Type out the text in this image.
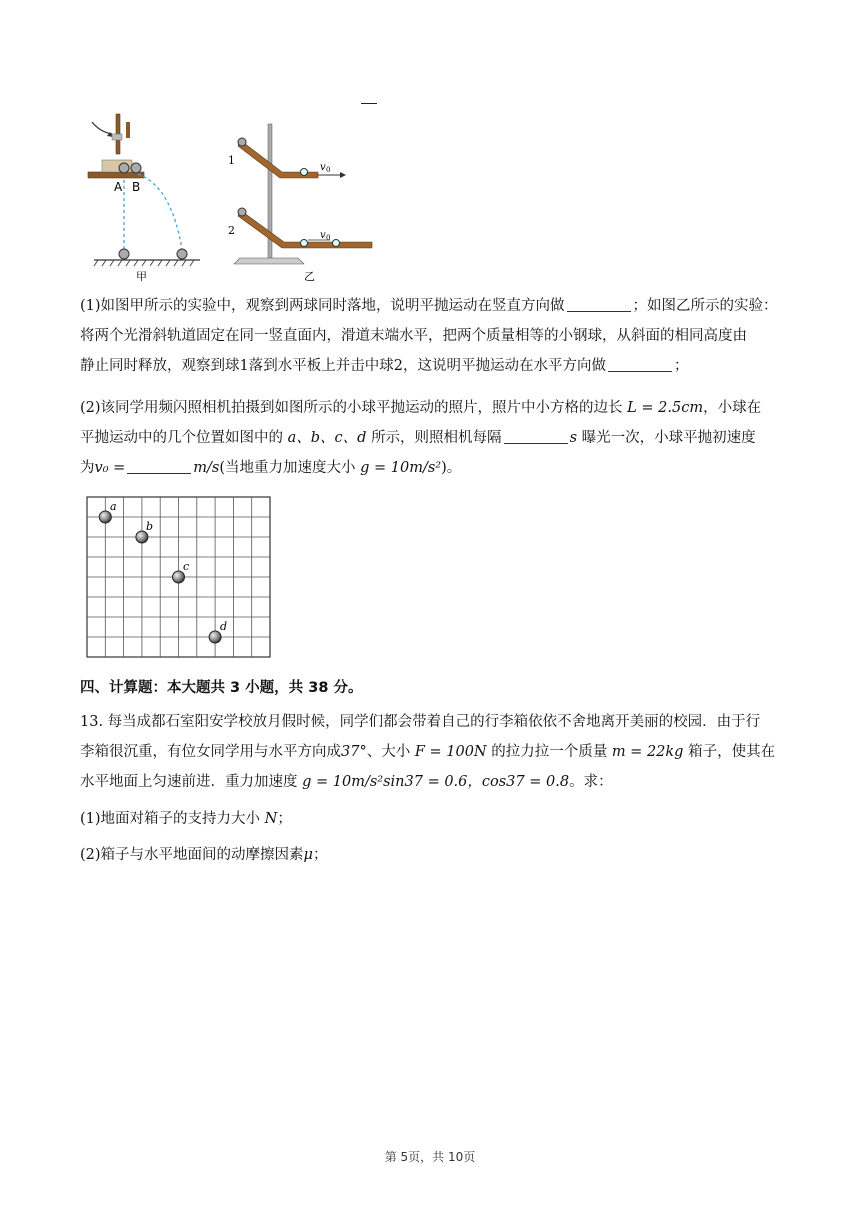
A B
甲
v 0
1
v 0
2
乙
(1)如图甲所示的实验中，观察到两球同时落地，说明平抛运动在竖直方向做	；如图乙所示的实验：
将两个光滑斜轨道固定在同一竖直面内，滑道末端水平，把两个质量相等的小钢球，从斜面的相同高度由
静止同时释放，观察到球1落到水平板上并击中球2，这说明平抛运动在水平方向做	；
(2)该同学用频闪照相机拍摄到如图所示的小球平抛运动的照片，照片中小方格的边长 L = 2.5cm，小球在
平抛运动中的几个位置如图中的 a、b、c、d 所示，则照相机每隔	s 曝光一次，小球平抛初速度
为v₀ =	m/s(当地重力加速度大小 g = 10m/s²)。
a
b
c
d
四、计算题：本大题共 3 小题，共 38 分。
13. 每当成都石室阳安学校放月假时候，同学们都会带着自己的行李箱依依不舍地离开美丽的校园．由于行
李箱很沉重，有位女同学用与水平方向成37°、大小 F = 100N 的拉力拉一个质量 m = 22kg 箱子，使其在
水平地面上匀速前进．重力加速度 g = 10m/s²sin37 = 0.6，cos37 = 0.8。求：
(1)地面对箱子的支持力大小 N；
(2)箱子与水平地面间的动摩擦因素μ；
第 5页，共 10页
